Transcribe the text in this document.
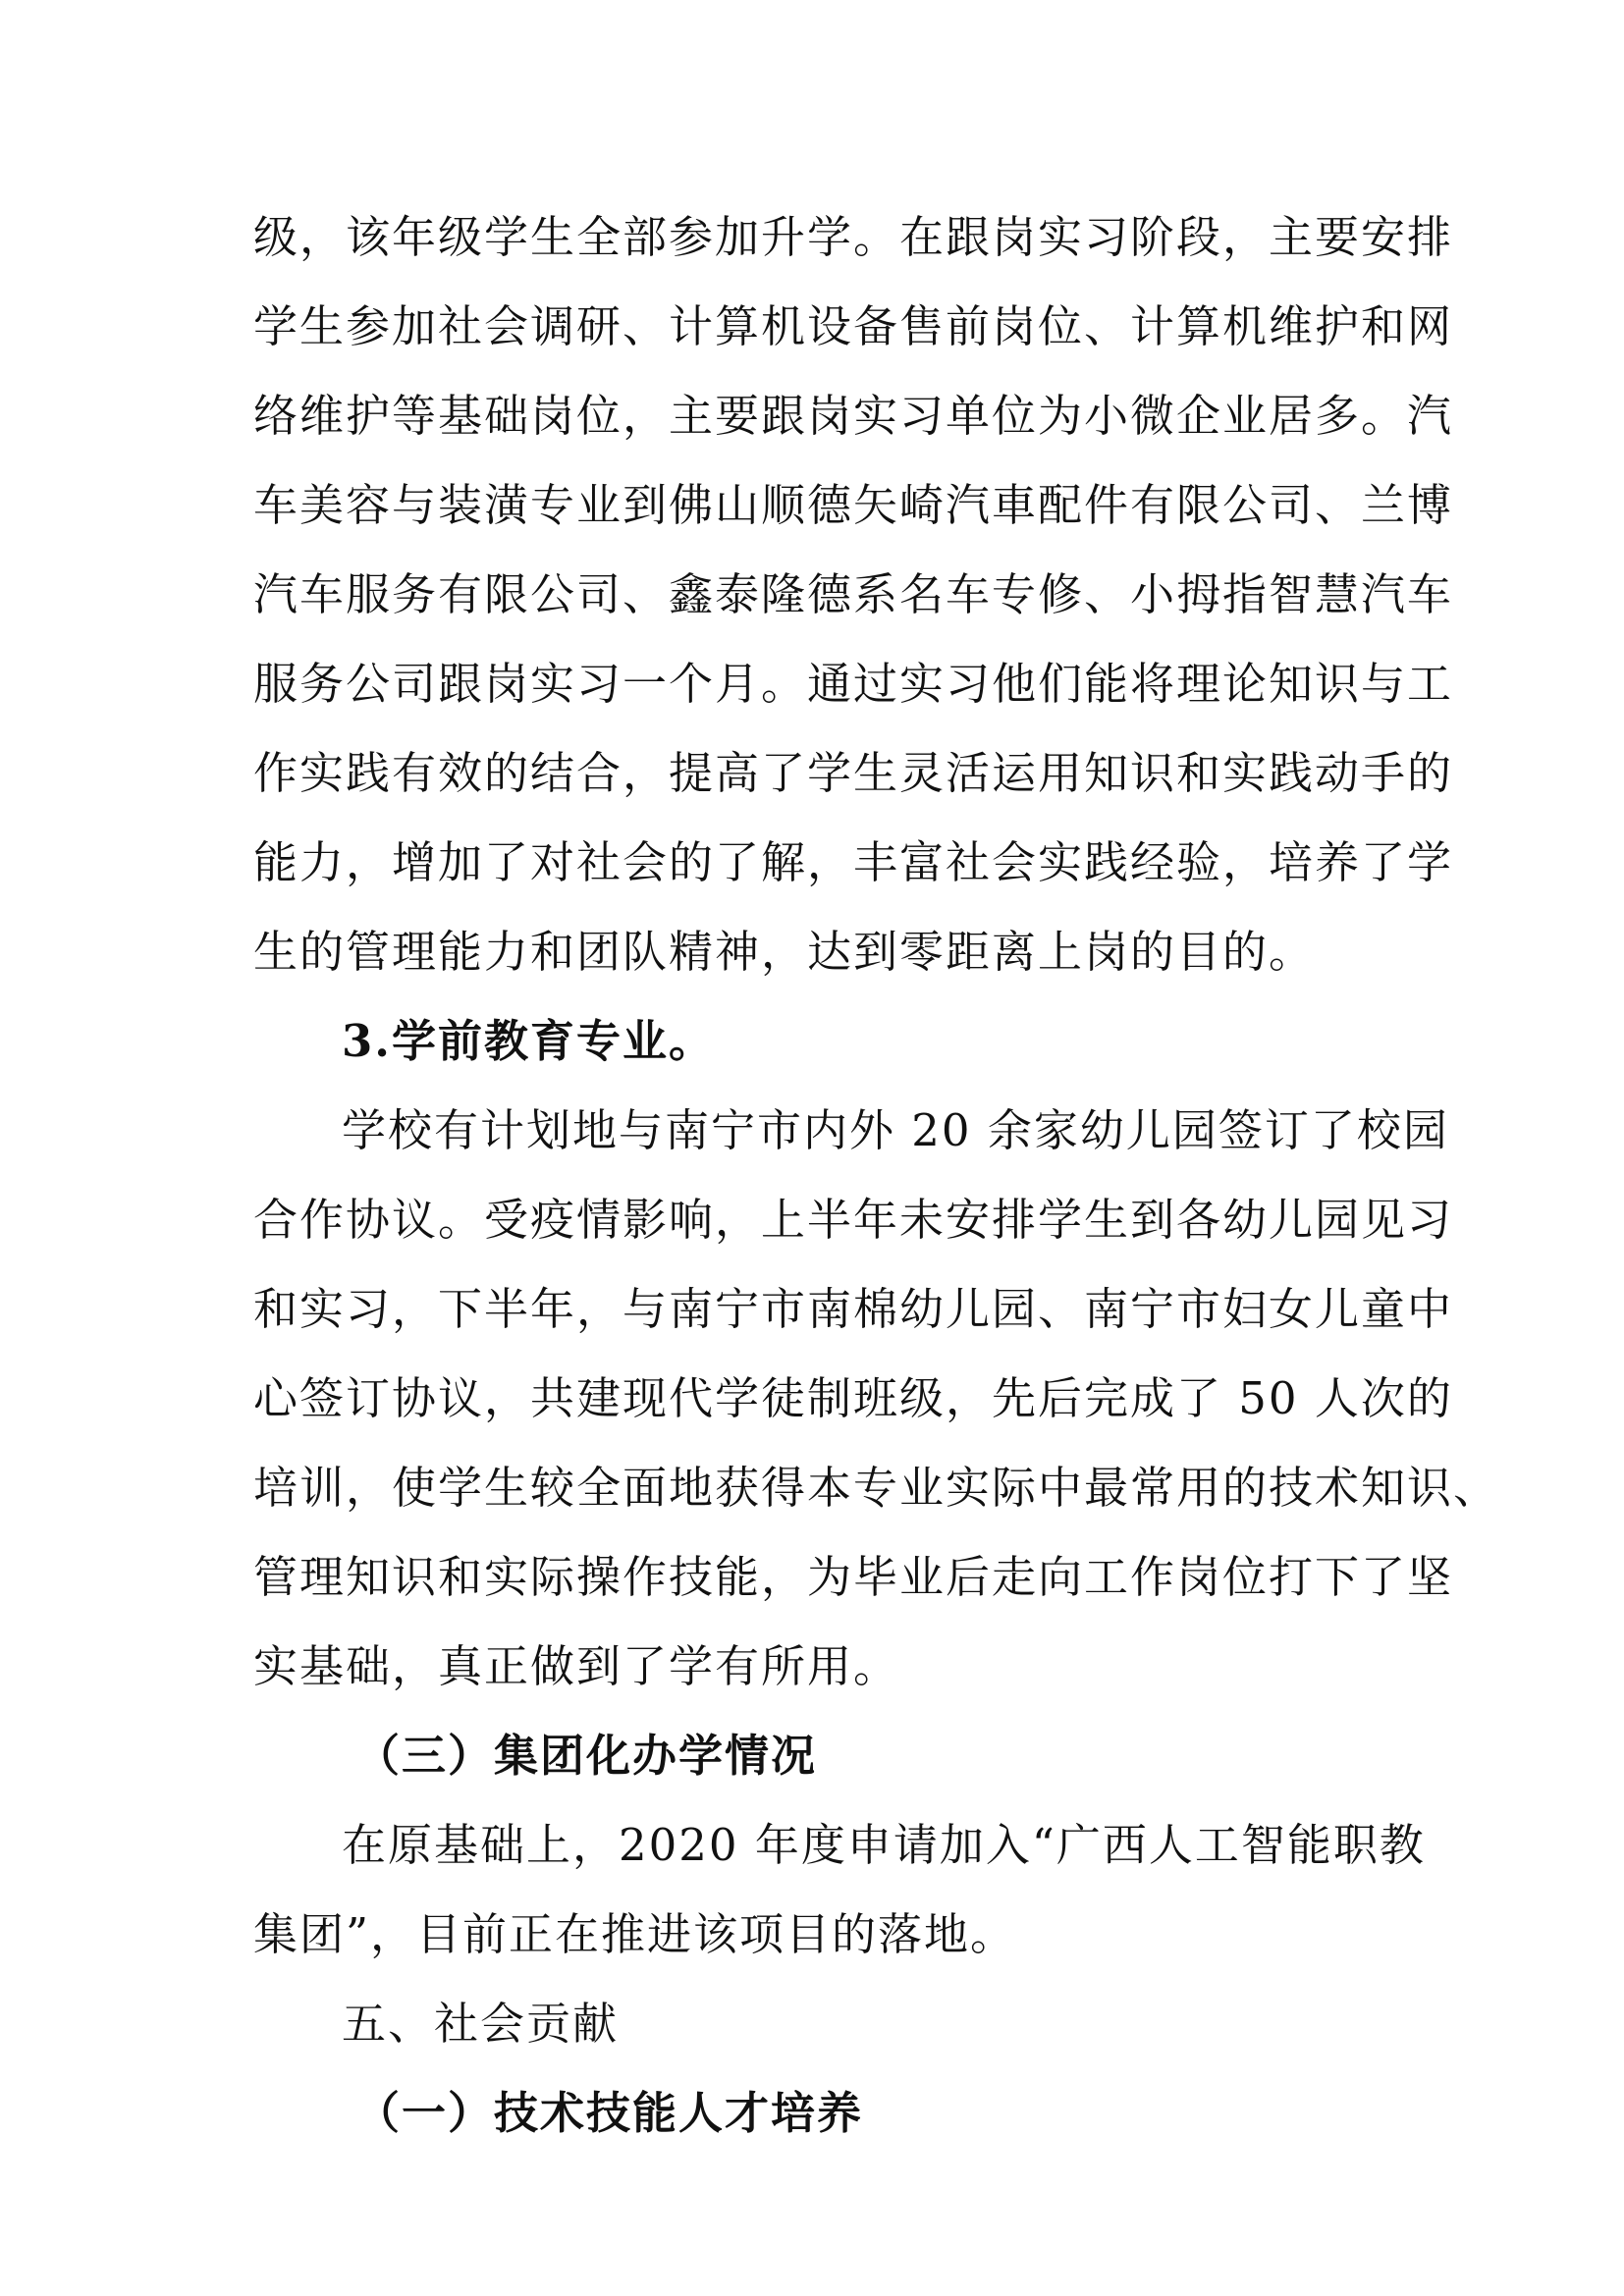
级，该年级学生全部参加升学。在跟岗实习阶段，主要安排
学生参加社会调研、计算机设备售前岗位、计算机维护和网
络维护等基础岗位，主要跟岗实习单位为小微企业居多。汽
车美容与装潢专业到佛山顺德矢崎汽車配件有限公司、兰博
汽车服务有限公司、鑫泰隆德系名车专修、小拇指智慧汽车
服务公司跟岗实习一个月。通过实习他们能将理论知识与工
作实践有效的结合，提高了学生灵活运用知识和实践动手的
能力，增加了对社会的了解，丰富社会实践经验，培养了学
生的管理能力和团队精神，达到零距离上岗的目的。
3.学前教育专业。
学校有计划地与南宁市内外 20 余家幼儿园签订了校园
合作协议。受疫情影响，上半年未安排学生到各幼儿园见习
和实习，下半年，与南宁市南棉幼儿园、南宁市妇女儿童中
心签订协议，共建现代学徒制班级，先后完成了 50 人次的
培训，使学生较全面地获得本专业实际中最常用的技术知识、
管理知识和实际操作技能，为毕业后走向工作岗位打下了坚
实基础，真正做到了学有所用。
（三）集团化办学情况
在原基础上，2020 年度申请加入“广西人工智能职教
集团”，目前正在推进该项目的落地。
五、社会贡献
（一）技术技能人才培养
